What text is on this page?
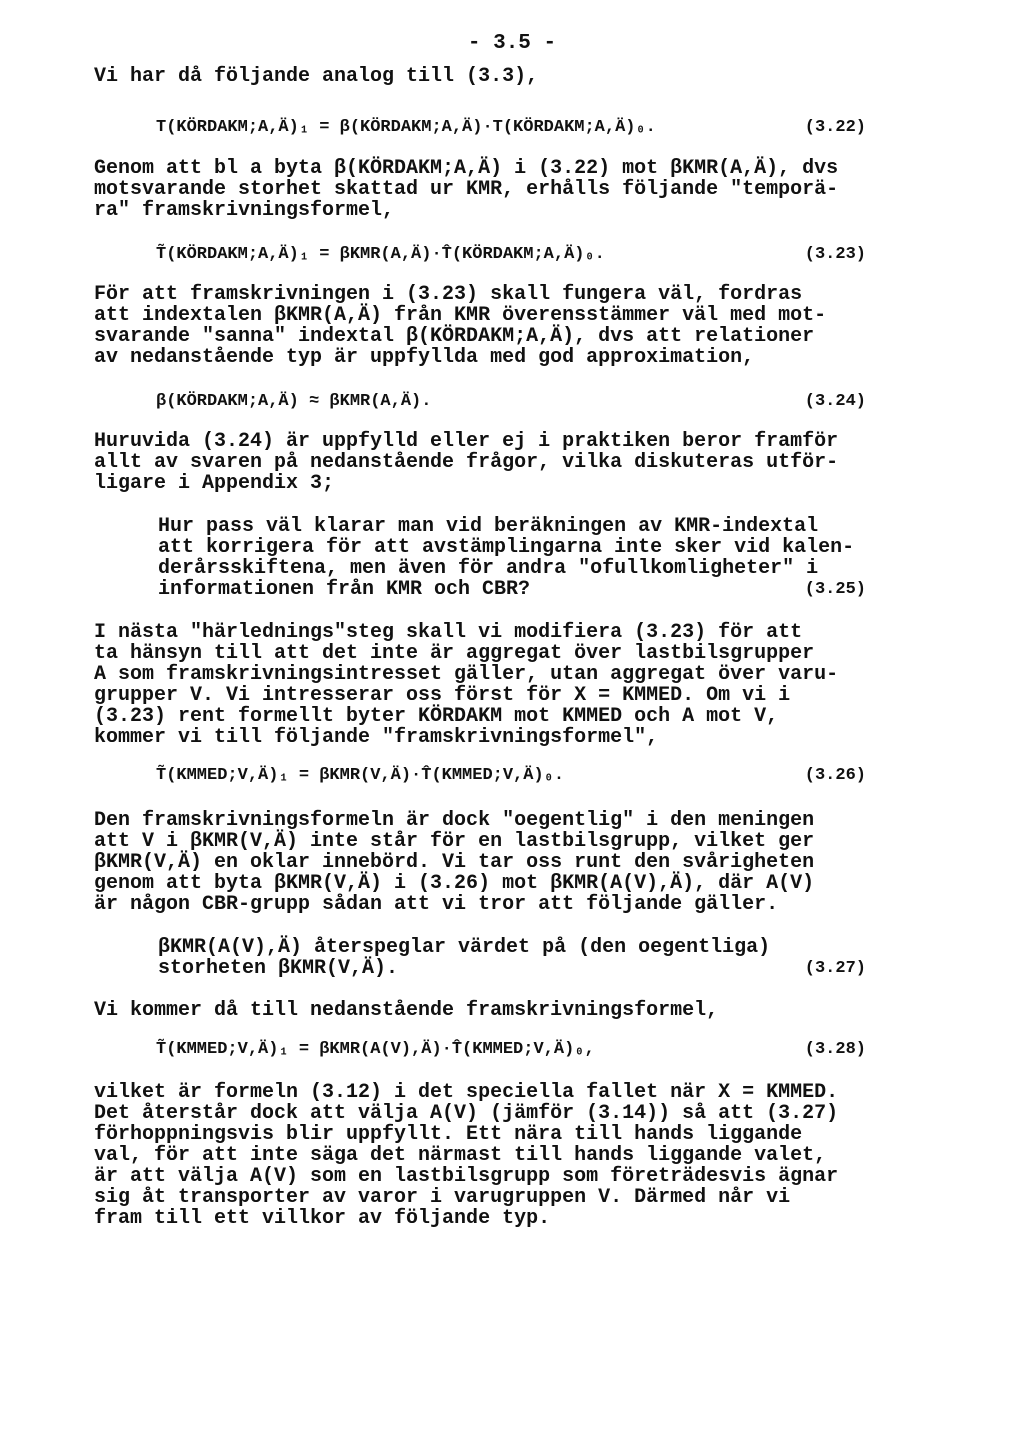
- 3.5 -
Vi har då följande analog till (3.3),

T(KÖRDAKM;A,Ä)₁ = β(KÖRDAKM;A,Ä)·T(KÖRDAKM;A,Ä)₀.

	(3.22)

Genom att bl a byta β(KÖRDAKM;A,Ä) i (3.22) mot βKMR(A,Ä), dvs
motsvarande storhet skattad ur KMR, erhålls följande "temporä-
ra" framskrivningsformel,

T̃(KÖRDAKM;A,Ä)₁ = βKMR(A,Ä)·T̂(KÖRDAKM;A,Ä)₀.

	(3.23)

För att framskrivningen i (3.23) skall fungera väl, fordras
att indextalen βKMR(A,Ä) från KMR överensstämmer väl med mot-
svarande "sanna" indextal β(KÖRDAKM;A,Ä), dvs att relationer
av nedanstående typ är uppfyllda med god approximation,

β(KÖRDAKM;A,Ä) ≈ βKMR(A,Ä).

	(3.24)

Huruvida (3.24) är uppfylld eller ej i praktiken beror framför
allt av svaren på nedanstående frågor, vilka diskuteras utför-
ligare i Appendix 3;
Hur pass väl klarar man vid beräkningen av KMR-indextal
att korrigera för att avstämplingarna inte sker vid kalen-
derårsskiftena, men även för andra "ofullkomligheter" i
informationen från KMR och CBR?	(3.25)
I nästa "härlednings"steg skall vi modifiera (3.23) för att
ta hänsyn till att det inte är aggregat över lastbilsgrupper
A som framskrivningsintresset gäller, utan aggregat över varu-
grupper V. Vi intresserar oss först för X = KMMED. Om vi i
(3.23) rent formellt byter KÖRDAKM mot KMMED och A mot V,
kommer vi till följande "framskrivningsformel",

T̃(KMMED;V,Ä)₁ = βKMR(V,Ä)·T̂(KMMED;V,Ä)₀.

	(3.26)

Den framskrivningsformeln är dock "oegentlig" i den meningen
att V i βKMR(V,Ä) inte står för en lastbilsgrupp, vilket ger
βKMR(V,Ä) en oklar innebörd. Vi tar oss runt den svårigheten
genom att byta βKMR(V,Ä) i (3.26) mot βKMR(A(V),Ä), där A(V)
är någon CBR-grupp sådan att vi tror att följande gäller.
βKMR(A(V),Ä) återspeglar värdet på (den oegentliga)
storheten βKMR(V,Ä).	(3.27)
Vi kommer då till nedanstående framskrivningsformel,

T̃(KMMED;V,Ä)₁ = βKMR(A(V),Ä)·T̂(KMMED;V,Ä)₀,

	(3.28)

vilket är formeln (3.12) i det speciella fallet när X = KMMED.
Det återstår dock att välja A(V) (jämför (3.14)) så att (3.27)
förhoppningsvis blir uppfyllt. Ett nära till hands liggande
val, för att inte säga det närmast till hands liggande valet,
är att välja A(V) som en lastbilsgrupp som företrädesvis ägnar
sig åt transporter av varor i varugruppen V. Därmed når vi
fram till ett villkor av följande typ.
